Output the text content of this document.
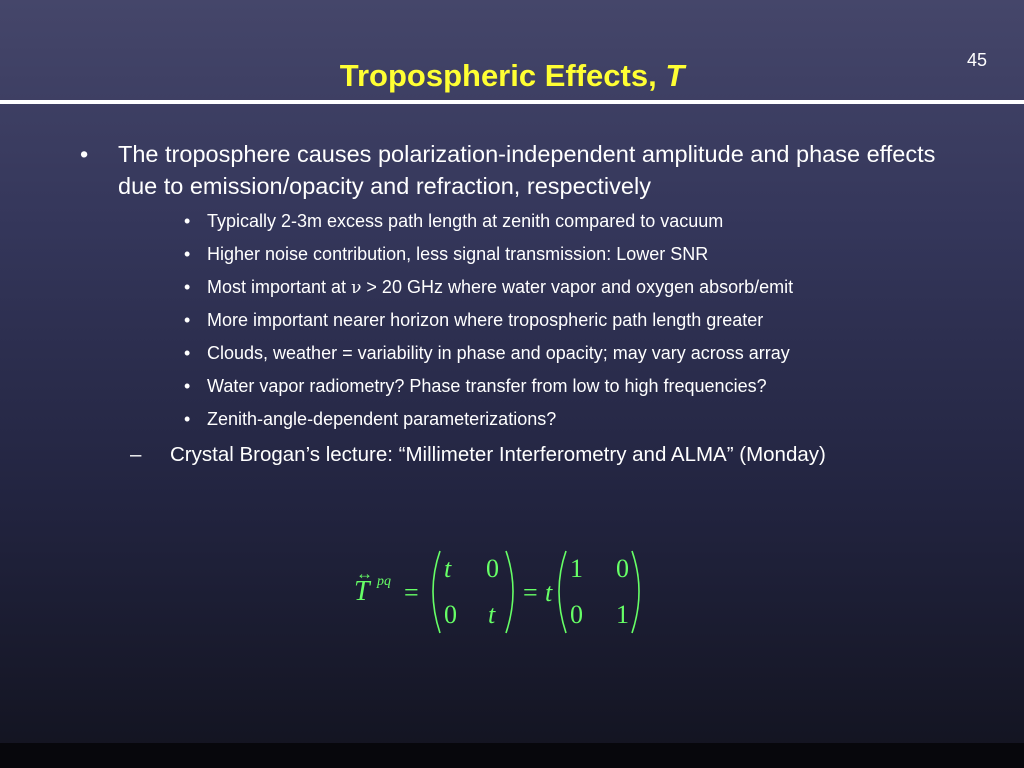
45
Tropospheric Effects, T
• The troposphere causes polarization-independent amplitude and phase effects due to emission/opacity and refraction, respectively
• Typically 2-3m excess path length at zenith compared to vacuum
• Higher noise contribution, less signal transmission: Lower SNR
• Most important at ν > 20 GHz where water vapor and oxygen absorb/emit
• More important nearer horizon where tropospheric path length greater
• Clouds, weather = variability in phase and opacity; may vary across array
• Water vapor radiometry? Phase transfer from low to high frequencies?
• Zenith-angle-dependent parameterizations?
–	Crystal Brogan’s lecture: “Millimeter Interferometry and ALMA” (Monday)
T
↔ pq =
t 0
0 t
= t
1 0
0 1
